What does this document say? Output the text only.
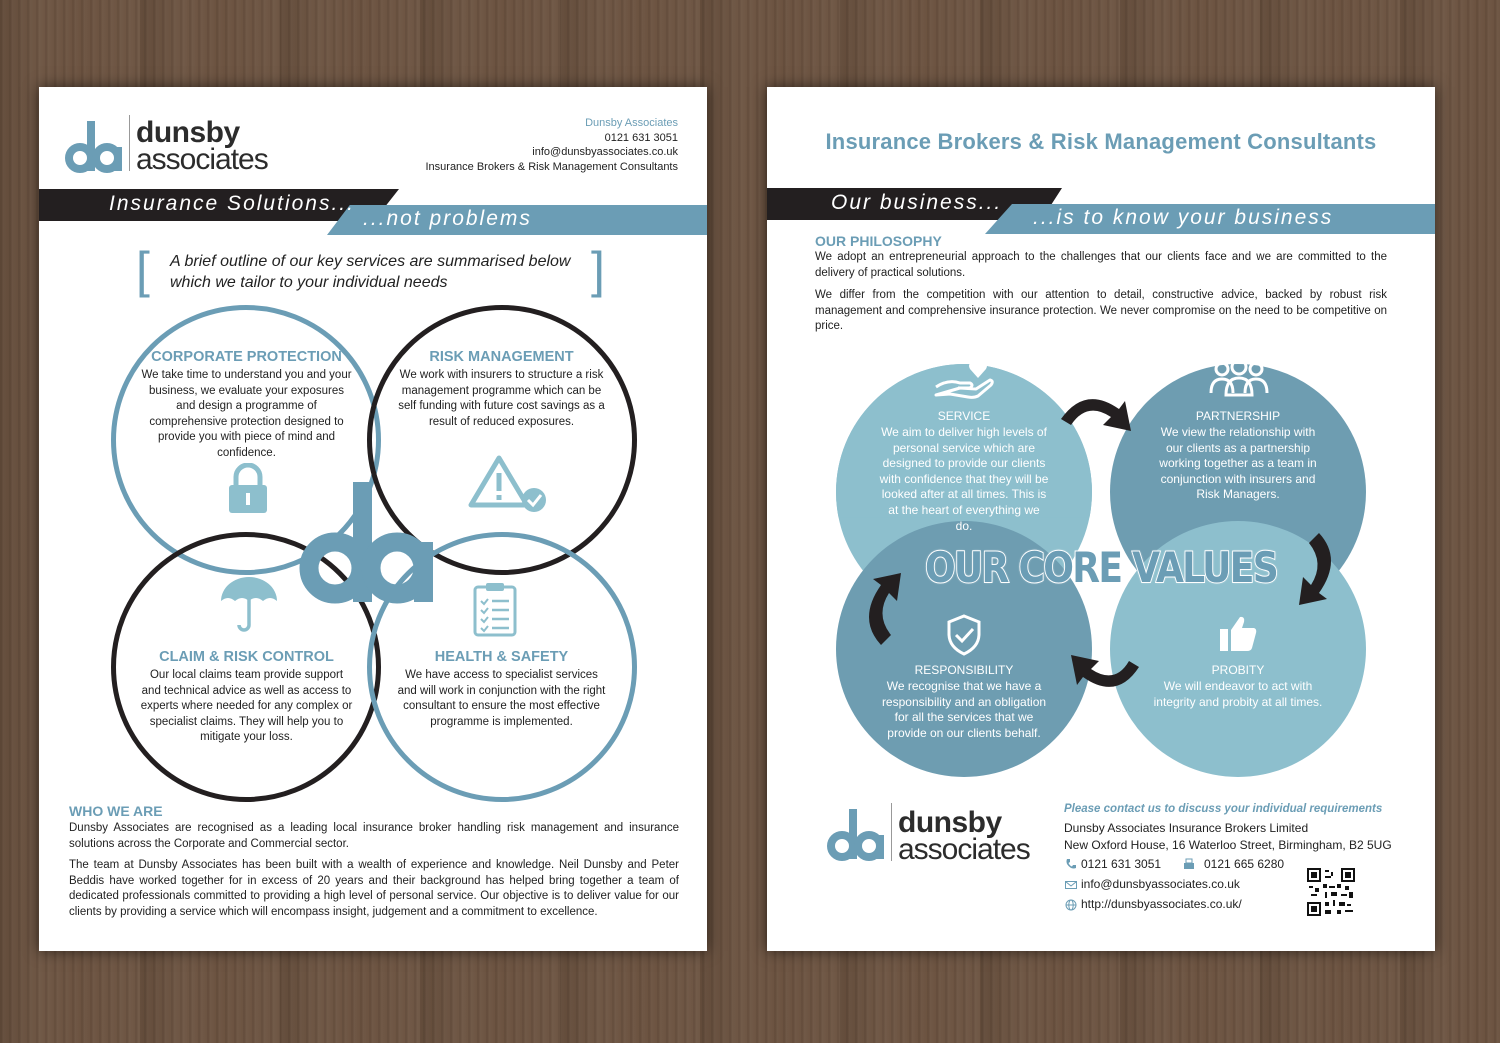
dunsby
associates
Dunsby Associates
0121 631 3051
info@dunsbyassociates.co.uk
Insurance Brokers & Risk Management Consultants
Insurance Solutions...
...not problems
[ A brief outline of our key services are summarised below
which we tailor to your individual needs	]
CORPORATE PROTECTION
We take time to understand you and your business, we evaluate your exposures and design a programme of comprehensive protection designed to provide you with piece of mind and confidence.
RISK MANAGEMENT
We work with insurers to structure a risk management programme which can be self funding with future cost savings as a result of reduced exposures.
CLAIM & RISK CONTROL
Our local claims team provide support and technical advice as well as access to experts where needed for any complex or specialist claims. They will help you to mitigate your loss.
HEALTH & SAFETY
We have access to specialist services and will work in conjunction with the right consultant to ensure the most effective programme is implemented.
WHO WE ARE
Dunsby Associates are recognised as a leading local insurance broker handling risk management and insurance solutions across the Corporate and Commercial sector.
The team at Dunsby Associates has been built with a wealth of experience and knowledge. Neil Dunsby and Peter Beddis have worked together for in excess of 20 years and their background has helped bring together a team of dedicated professionals committed to providing a high level of personal service. Our objective is to deliver value for our clients by providing a service which will encompass insight, judgement and a commitment to excellence.
Insurance Brokers & Risk Management Consultants
Our business...
...is to know your business
OUR PHILOSOPHY
We adopt an entrepreneurial approach to the challenges that our clients face and we are committed to the delivery of practical solutions.
We differ from the competition with our attention to detail, constructive advice, backed by robust risk management and comprehensive insurance protection. We never compromise on the need to be competitive on price.
SERVICE
We aim to deliver high levels of personal service which are designed to provide our clients with confidence that they will be looked after at all times. This is at the heart of everything we do.
PARTNERSHIP
We view the relationship with our clients as a partnership working together as a team in conjunction with insurers and Risk Managers.
RESPONSIBILITY
We recognise that we have a responsibility and an obligation for all the services that we provide on our clients behalf.
PROBITY
We will endeavor to act with integrity and probity at all times.
OUR CORE VALUES
dunsby
associates
Please contact us to discuss your individual requirements
Dunsby Associates Insurance Brokers Limited
New Oxford House, 16 Waterloo Street, Birmingham, B2 5UG
0121 631 3051	0121 665 6280
info@dunsbyassociates.co.uk
http://dunsbyassociates.co.uk/
